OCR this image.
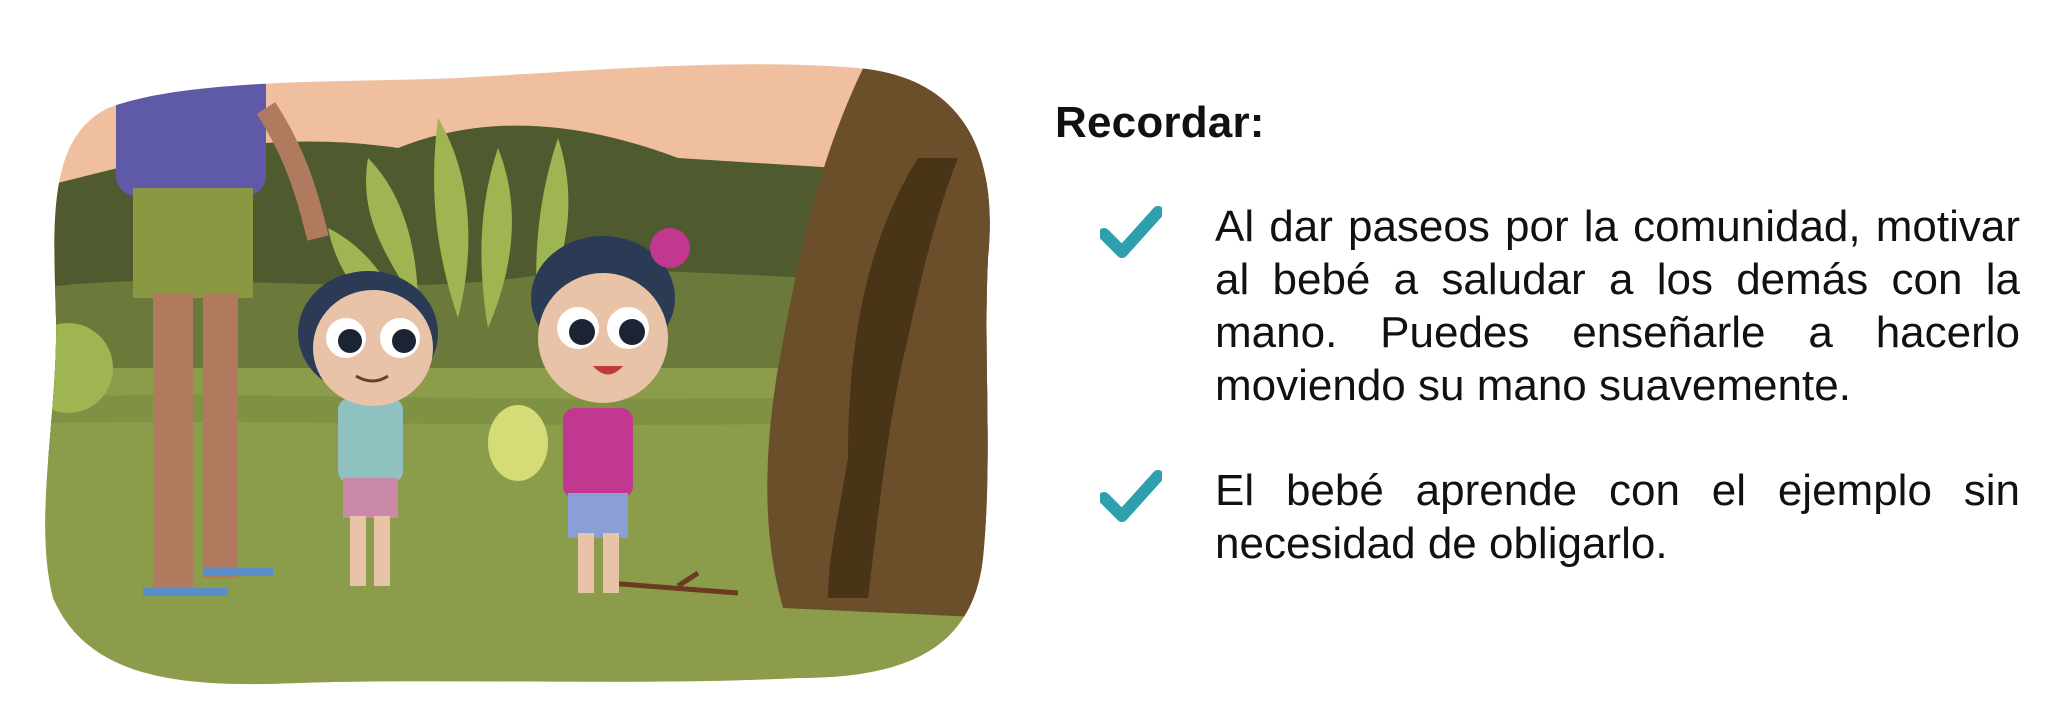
Recordar:
Al dar paseos por la comunidad, motivar al bebé a saludar a los demás con la mano. Puedes enseñarle a hacerlo moviendo su mano suavemente.
El bebé aprende con el ejemplo sin necesidad de obligarlo.
